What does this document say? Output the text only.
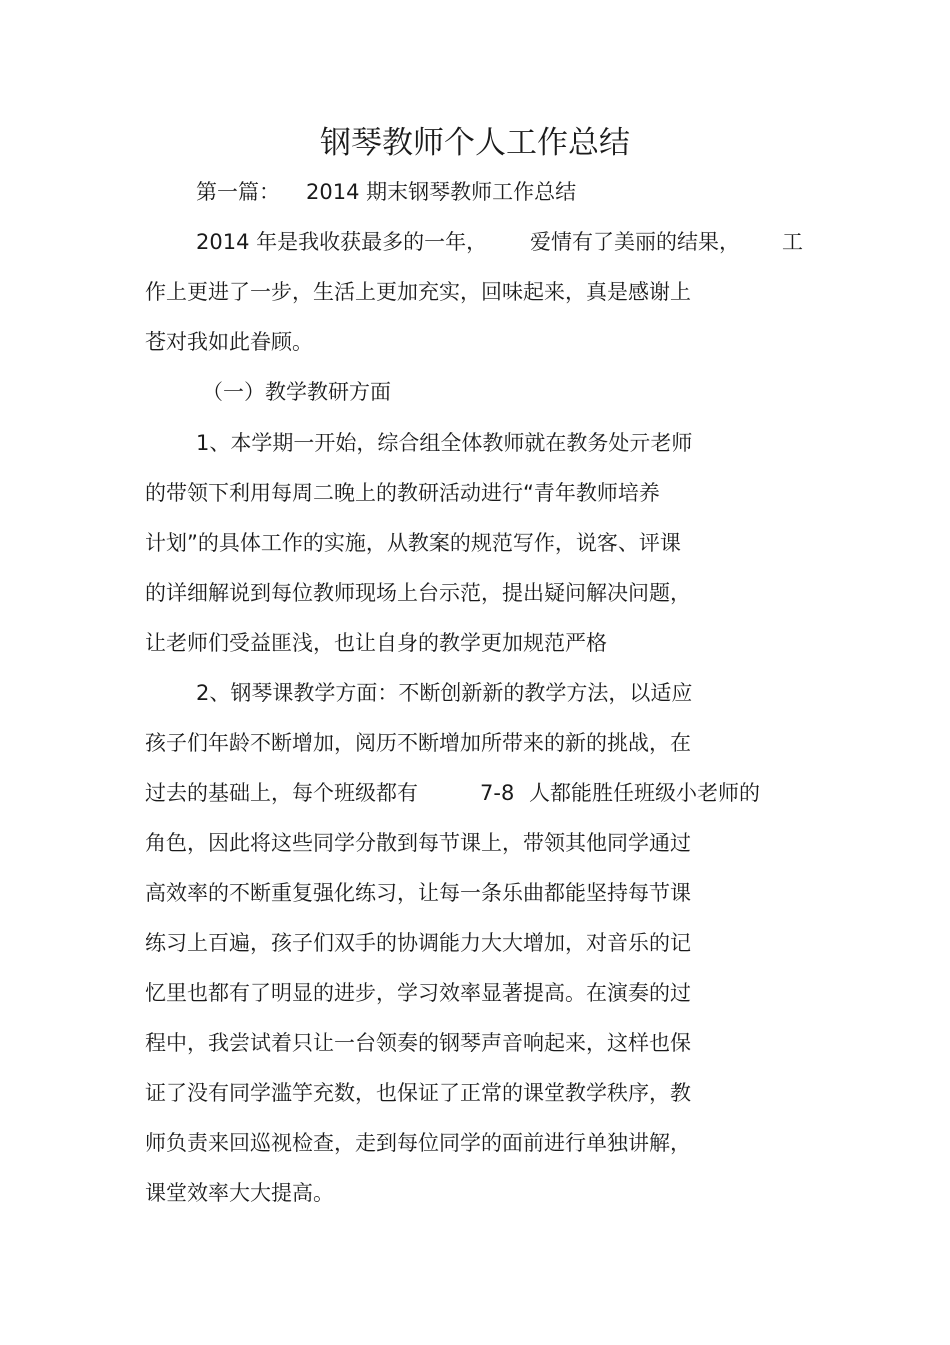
钢琴教师个人工作总结
第一篇： 2014 期末钢琴教师工作总结
2014 年是我收获最多的一年， 爱情有了美丽的结果， 工
作上更进了一步，生活上更加充实，回味起来，真是感谢上
苍对我如此眷顾。
（一）教学教研方面
1、本学期一开始，综合组全体教师就在教务处亓老师
的带领下利用每周二晚上的教研活动进行“青年教师培养
计划”的具体工作的实施，从教案的规范写作，说客、评课
的详细解说到每位教师现场上台示范，提出疑问解决问题，
让老师们受益匪浅，也让自身的教学更加规范严格
2、钢琴课教学方面：不断创新新的教学方法，以适应
孩子们年龄不断增加，阅历不断增加所带来的新的挑战，在
过去的基础上，每个班级都有	7-8 人都能胜任班级小老师的
角色，因此将这些同学分散到每节课上，带领其他同学通过
高效率的不断重复强化练习，让每一条乐曲都能坚持每节课
练习上百遍，孩子们双手的协调能力大大增加，对音乐的记
忆里也都有了明显的进步，学习效率显著提高。在演奏的过
程中，我尝试着只让一台领奏的钢琴声音响起来，这样也保
证了没有同学滥竽充数，也保证了正常的课堂教学秩序，教
师负责来回巡视检查，走到每位同学的面前进行单独讲解，
课堂效率大大提高。
